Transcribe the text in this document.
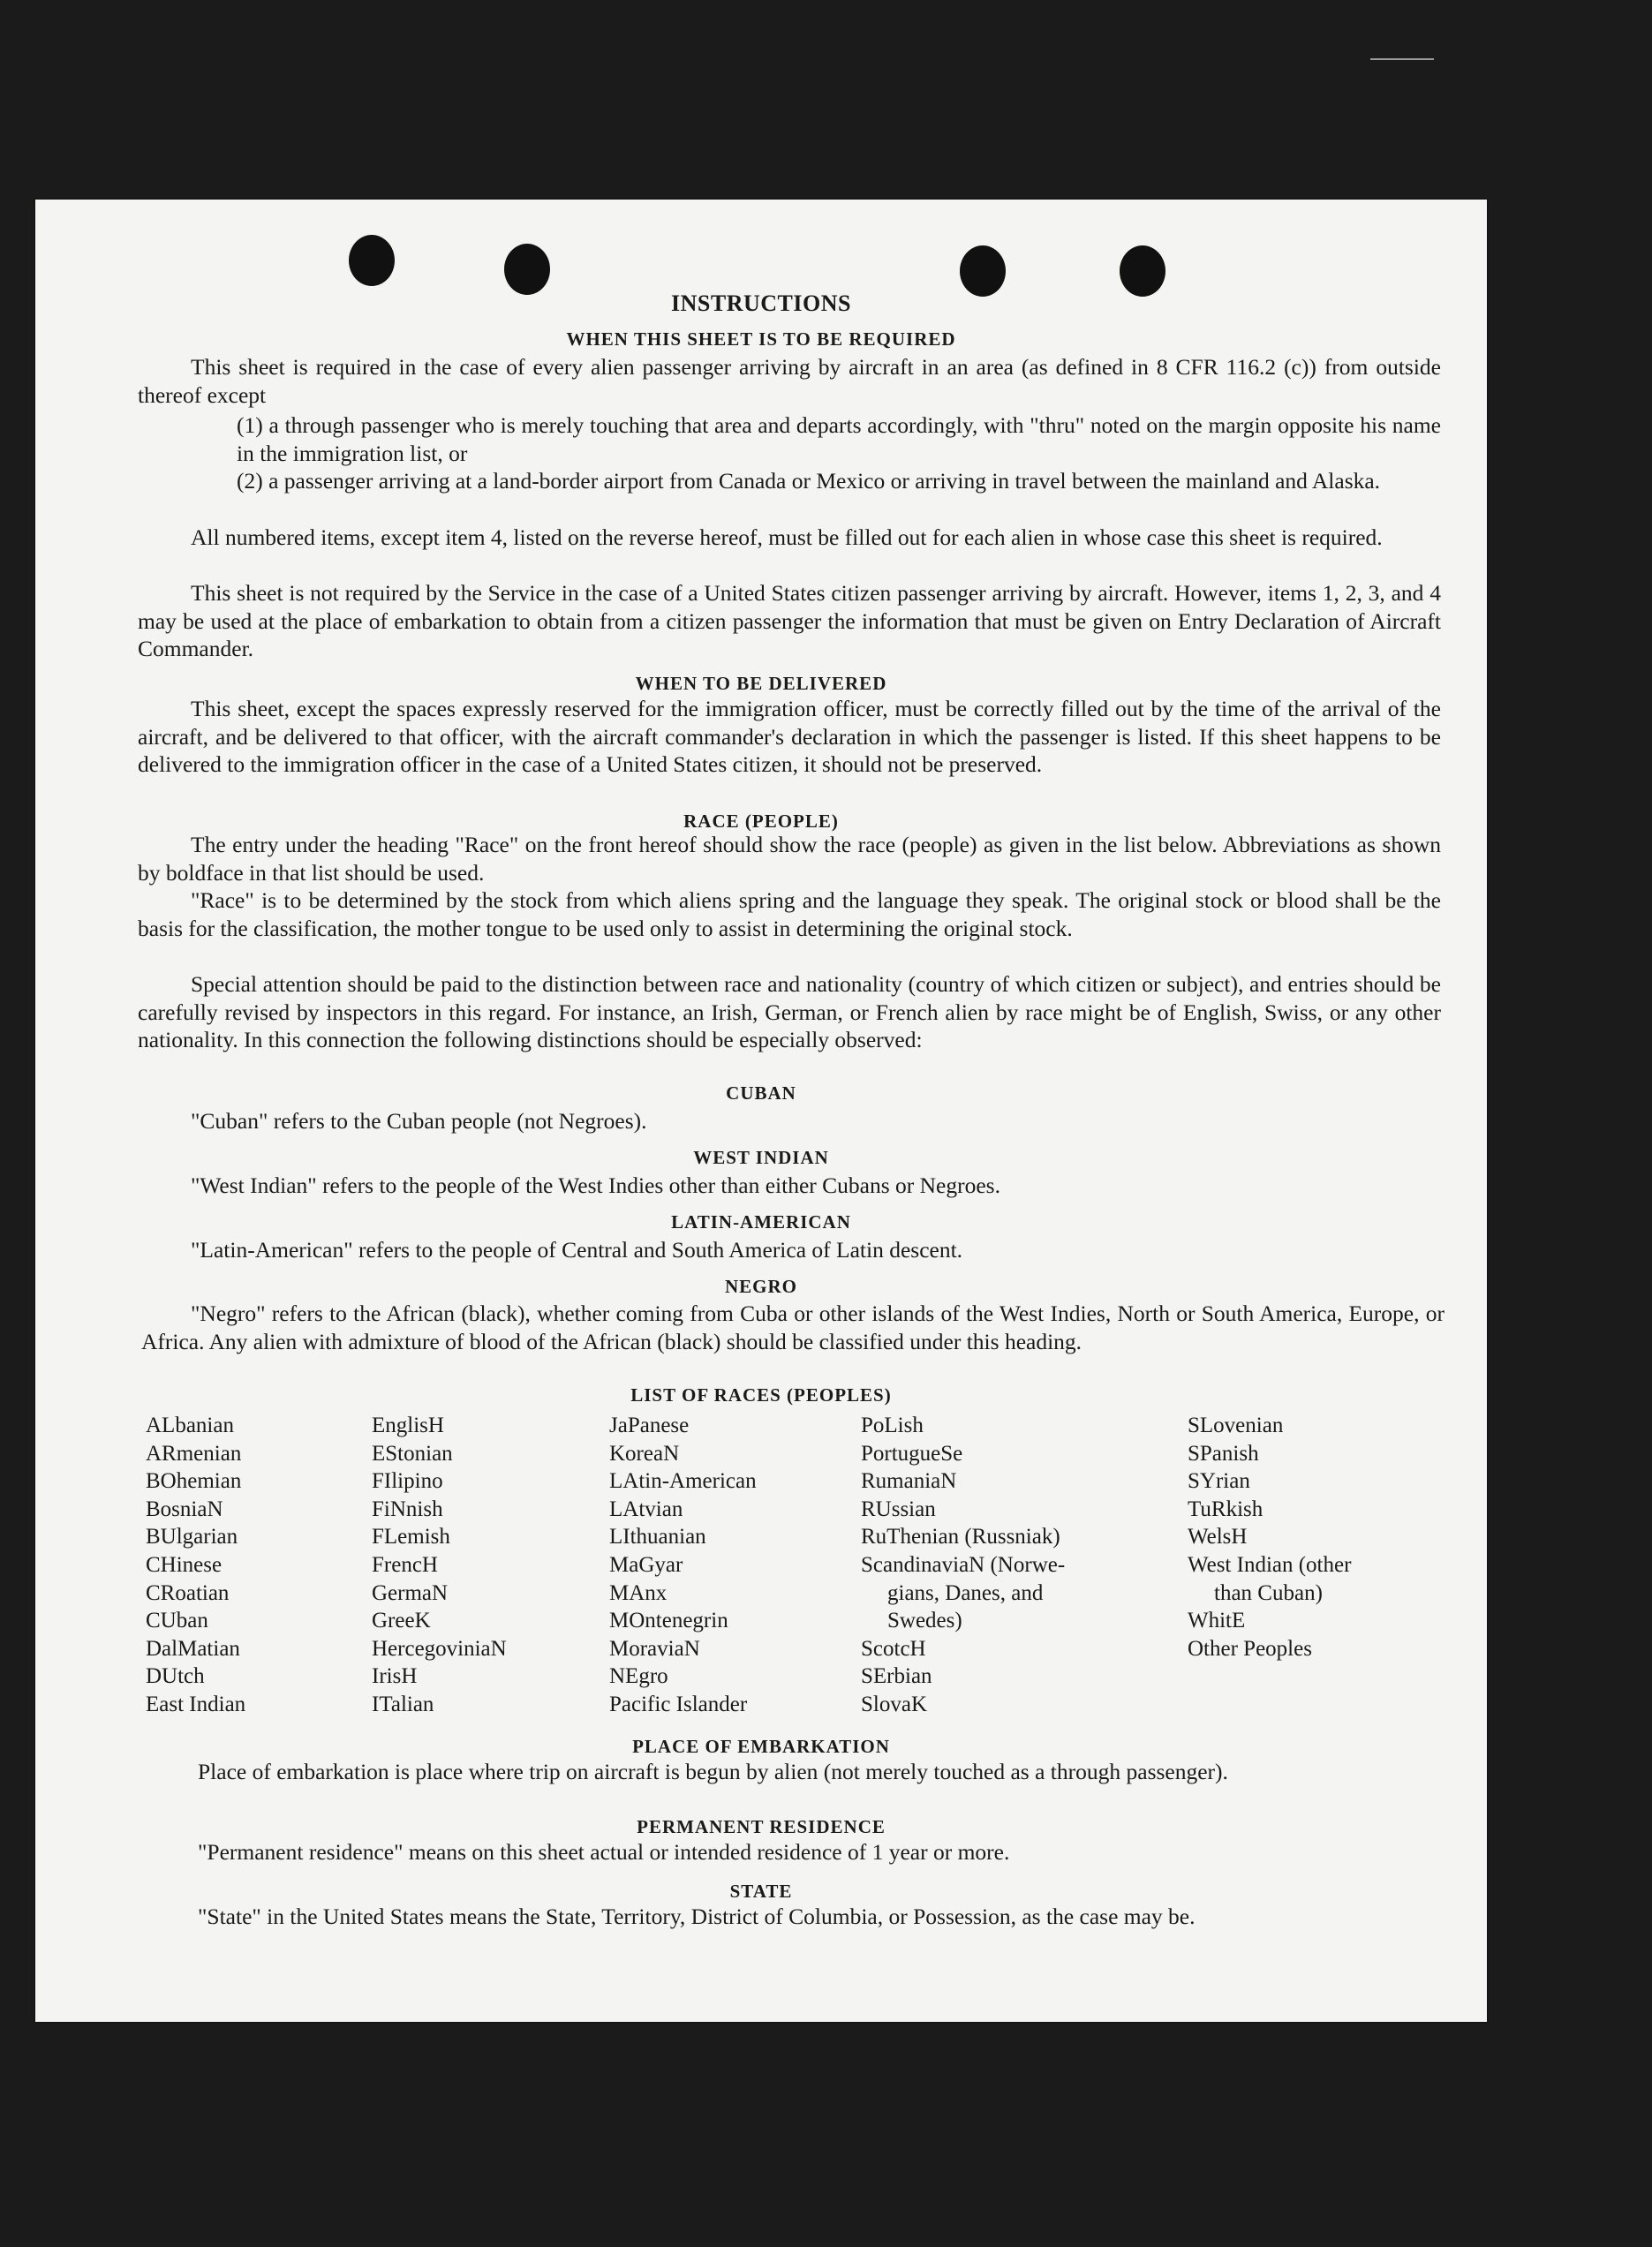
INSTRUCTIONS
WHEN THIS SHEET IS TO BE REQUIRED

This sheet is required in the case of every alien passenger arriving by aircraft in an area (as defined in 8 CFR 116.2 (c)) from outside thereof except

(1) a through passenger who is merely touching that area and departs accordingly, with "thru" noted on the margin opposite his name in the immigration list, or

(2) a passenger arriving at a land-border airport from Canada or Mexico or arriving in travel between the mainland and Alaska.

All numbered items, except item 4, listed on the reverse hereof, must be filled out for each alien in whose case this sheet is required.

This sheet is not required by the Service in the case of a United States citizen passenger arriving by aircraft. However, items 1, 2, 3, and 4 may be used at the place of embarkation to obtain from a citizen passenger the information that must be given on Entry Declaration of Aircraft Commander.

WHEN TO BE DELIVERED

This sheet, except the spaces expressly reserved for the immigration officer, must be correctly filled out by the time of the arrival of the aircraft, and be delivered to that officer, with the aircraft commander's declaration in which the passenger is listed. If this sheet happens to be delivered to the immigration officer in the case of a United States citizen, it should not be preserved.

RACE (PEOPLE)

The entry under the heading "Race" on the front hereof should show the race (people) as given in the list below. Abbreviations as shown by boldface in that list should be used.

"Race" is to be determined by the stock from which aliens spring and the language they speak. The original stock or blood shall be the basis for the classification, the mother tongue to be used only to assist in determining the original stock.

Special attention should be paid to the distinction between race and nationality (country of which citizen or subject), and entries should be carefully revised by inspectors in this regard. For instance, an Irish, German, or French alien by race might be of English, Swiss, or any other nationality. In this connection the following distinctions should be especially observed:

CUBAN

"Cuban" refers to the Cuban people (not Negroes).

WEST INDIAN

"West Indian" refers to the people of the West Indies other than either Cubans or Negroes.

LATIN-AMERICAN

"Latin-American" refers to the people of Central and South America of Latin descent.

NEGRO

"Negro" refers to the African (black), whether coming from Cuba or other islands of the West Indies, North or South America, Europe, or Africa. Any alien with admixture of blood of the African (black) should be classified under this heading.

LIST OF RACES (PEOPLES)
ALbanian
ARmenian
BOhemian
BosniaN
BUlgarian
CHinese
CRoatian
CUban
DalMatian
DUtch
East Indian
EnglisH
EStonian
FIlipino
FiNnish
FLemish
FrencH
GermaN
GreeK
HercegoviniaN
IrisH
ITalian
JaPanese
KoreaN
LAtin-American
LAtvian
LIthuanian
MaGyar
MAnx
MOntenegrin
MoraviaN
NEgro
Pacific Islander
PoLish
PortugueSe
RumaniaN
RUssian
RuThenian (Russniak)
ScandinaviaN (Norwe-
gians, Danes, and
Swedes)
ScotcH
SErbian
SlovaK
SLovenian
SPanish
SYrian
TuRkish
WelsH
West Indian (other
than Cuban)
WhitE
Other Peoples
PLACE OF EMBARKATION

Place of embarkation is place where trip on aircraft is begun by alien (not merely touched as a through passenger).

PERMANENT RESIDENCE

"Permanent residence" means on this sheet actual or intended residence of 1 year or more.

STATE

"State" in the United States means the State, Territory, District of Columbia, or Possession, as the case may be.
